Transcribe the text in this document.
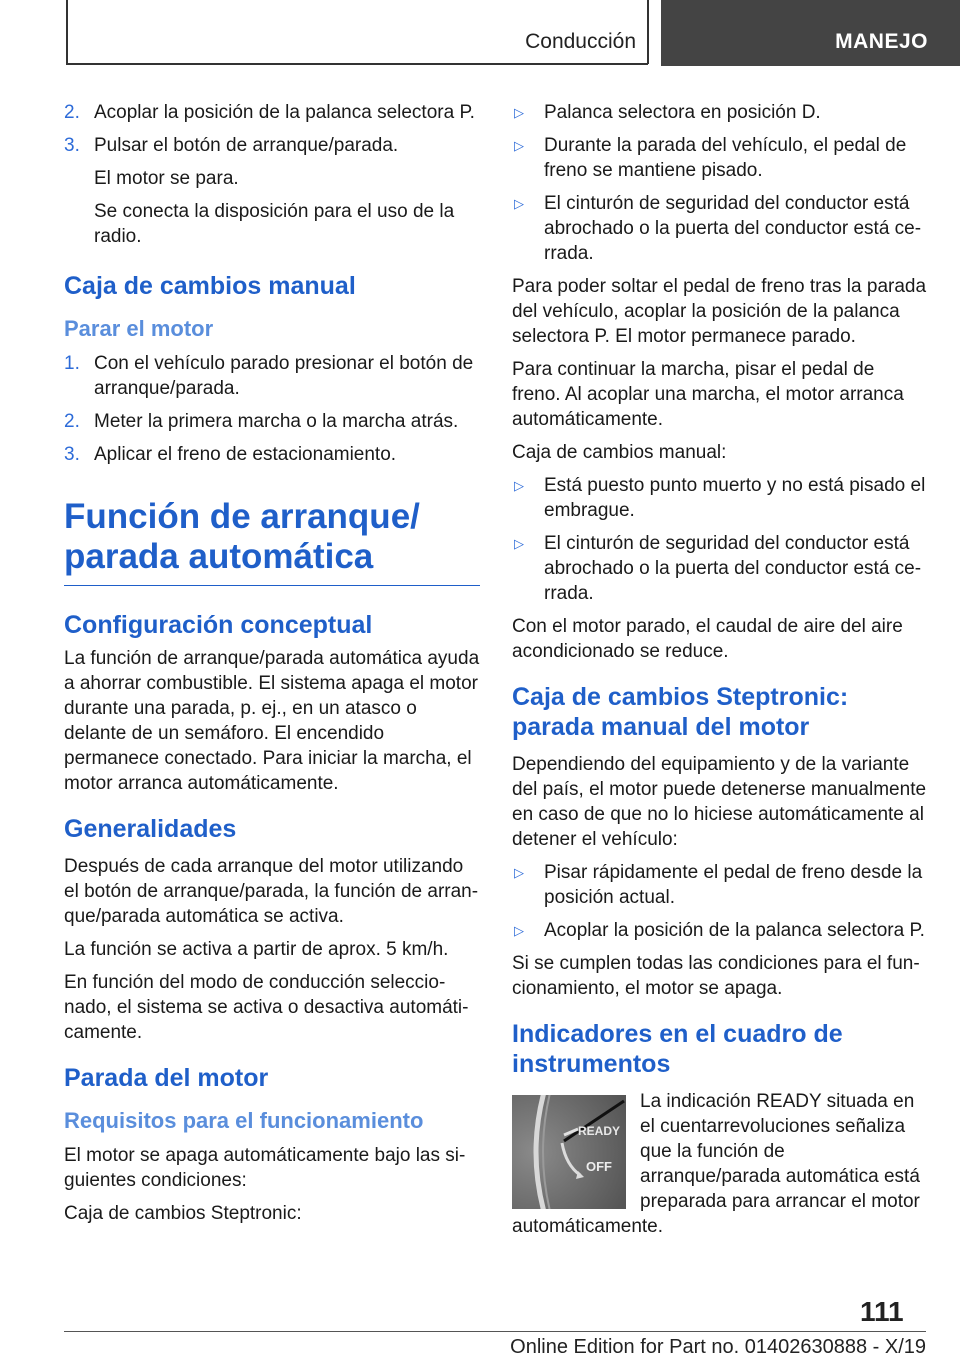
Conducción	MANEJO
2. Acoplar la posición de la palanca selectora P.
3. Pulsar el botón de arranque/parada.
El motor se para.
Se conecta la disposición para el uso de la radio.
Caja de cambios manual
Parar el motor
1. Con el vehículo parado presionar el botón de arranque/parada.
2. Meter la primera marcha o la marcha atrás.
3. Aplicar el freno de estacionamiento.
Función de arranque/ parada automática
Configuración conceptual

La función de arranque/parada automática ayuda a ahorrar combustible. El sistema apaga el motor durante una parada, p. ej., en un atasco o delante de un semáforo. El encendido permanece conectado. Para iniciar la marcha, el motor arranca automáticamente.

Generalidades

Después de cada arranque del motor utilizando el botón de arranque/parada, la función de arranque/parada automática se activa.

La función se activa a partir de aprox. 5 km/h.

En función del modo de conducción seleccionado, el sistema se activa o desactiva automáticamente.

Parada del motor
Requisitos para el funcionamiento

El motor se apaga automáticamente bajo las siguientes condiciones:

Caja de cambios Steptronic:

▷	Palanca selectora en posición D.
▷	Durante la parada del vehículo, el pedal de freno se mantiene pisado.
▷	El cinturón de seguridad del conductor está abrochado o la puerta del conductor está cerrada.

Para poder soltar el pedal de freno tras la parada del vehículo, acoplar la posición de la palanca selectora P. El motor permanece parado.

Para continuar la marcha, pisar el pedal de freno. Al acoplar una marcha, el motor arranca automáticamente.

Caja de cambios manual:

▷	Está puesto punto muerto y no está pisado el embrague.
▷	El cinturón de seguridad del conductor está abrochado o la puerta del conductor está cerrada.

Con el motor parado, el caudal de aire del aire acondicionado se reduce.

Caja de cambios Steptronic: parada manual del motor

Dependiendo del equipamiento y de la variante del país, el motor puede detenerse manualmente en caso de que no lo hiciese automáticamente al detener el vehículo:

▷	Pisar rápidamente el pedal de freno desde la posición actual.
▷	Acoplar la posición de la palanca selectora P.

Si se cumplen todas las condiciones para el funcionamiento, el motor se apaga.

Indicadores en el cuadro de instrumentos
READY
OFF

La indicación READY situada en el cuentarrevoluciones señaliza que la función de arranque/parada automática está preparada para arrancar el motor automáticamente.

111
Online Edition for Part no. 01402630888 - X/19
